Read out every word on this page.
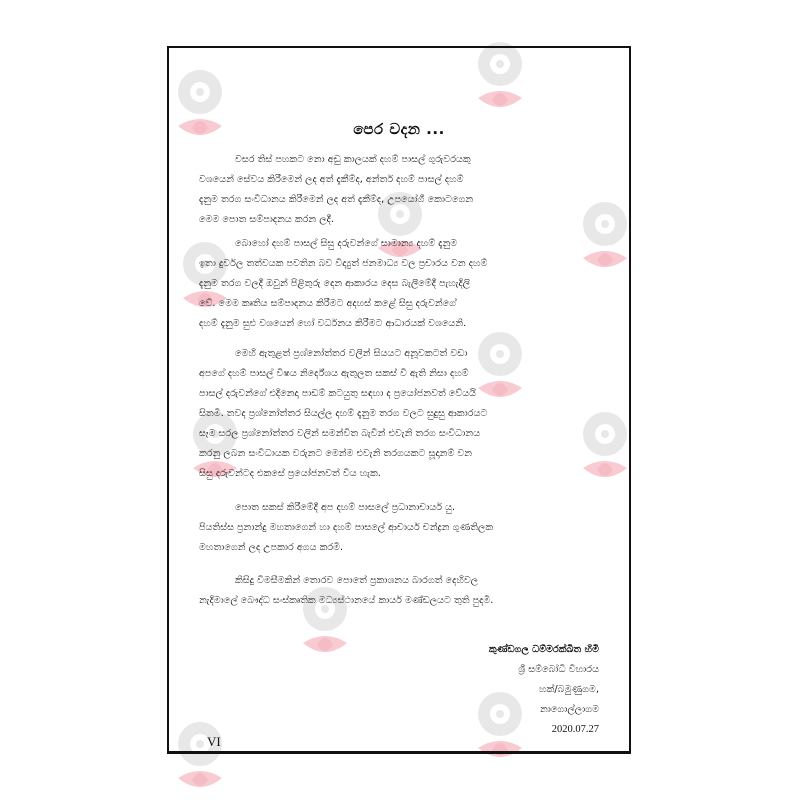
පෙර වදන ...

වසර තිස් පහකට නො අඩු කාලයක් දහම් පාසල් ගුරුවරයකු

වශයෙන් සේවය කිරීමෙන් ලද අත් දැකීම්ද, අන්තර් දහම් පාසල් දහම්

දැනුම තරග සංවිධානය කිරීමෙන් ලද අත් දැකීම්ද, උපයෝගී කොටගෙන

මෙම පොත සම්පාදනය කරන ලදී.

බොහෝ දහම් පාසල් සිසු දරුවන්ගේ සාමාන්‍ය දහම් දැනුම

ඉතා දුර්වල තත්වයක පවතින බව විද්‍යුත් ජනමාධ්‍ය වල ප්‍රචාරය වන දහම්

දැනුම තරග වලදී ඔවුන් පිළිතුරු දෙන ආකාරය දෙස බැලීමේදී පැහැදිලි

වේ. මෙම කෘතිය සම්පාදනය කිරීමට අදහස් කළේ සිසු දරුවන්ගේ

දහම් දැනුම සුළු වශයෙන් හෝ වර්ධනය කිරීමට ආධාරයක් වශයෙනි.

මෙහි ඇතුළත් ප්‍රශ්නෝත්තර වලින් සියයට අනූවකටත් වඩා

අපගේ දහම් පාසල් විෂය නිර්දේශය ඇතුලත සකස් වී ඇති නිසා දහම්

පාසල් දරුවන්ගේ එදිනෙදා පාඩම් කටයුතු සඳහා ද ප්‍රයෝජනවත් වේයයි

සිතමි. තවද ප්‍රශ්නෝත්තර සියල්ල දහම් දැනුම තරග වලට සුදුසු ආකාරයට

සෑම සරල ප්‍රශ්නෝත්තර වලින් සමන්විත බැවින් එවැනි තරග සංවිධානය

කරනු ලබන සංවිධායක වරුනට මෙන්ම එවැනි තරගයකට සූදානම් වන

සිසු දරුවන්ටද එකසේ ප්‍රයෝජනවත් විය හැක.

පොත සකස් කිරීමේදී අප දහම් පාසලේ ප්‍රධානාචාර්ය යු.

පියතිස්ස ප්‍රනාන්දු මහතාගෙන් හා දහම් පාසලේ ආචාර්ය චන්ද්‍රන ගුණතිලක

මහතාගෙන් ලද උපකාර අගය කරමි.

කිසිදු විමසීමකින් තොරව පොතේ ප්‍රකාශනය බාරගත් දෙහිවල

නැදිමාලේ බෞද්ධ සංස්කෘතික මධ්‍යස්ථානයේ කාර්ය මණ්ඩලයට තුති පුදමි.

කුණ්ඩගල ධම්මරක්ඛිත හිමි
ශ්‍රී සම්බෝධි විහාරය
හක්/බමුණුගම,
නාගොල්ලාගම
2020.07.27
VI
